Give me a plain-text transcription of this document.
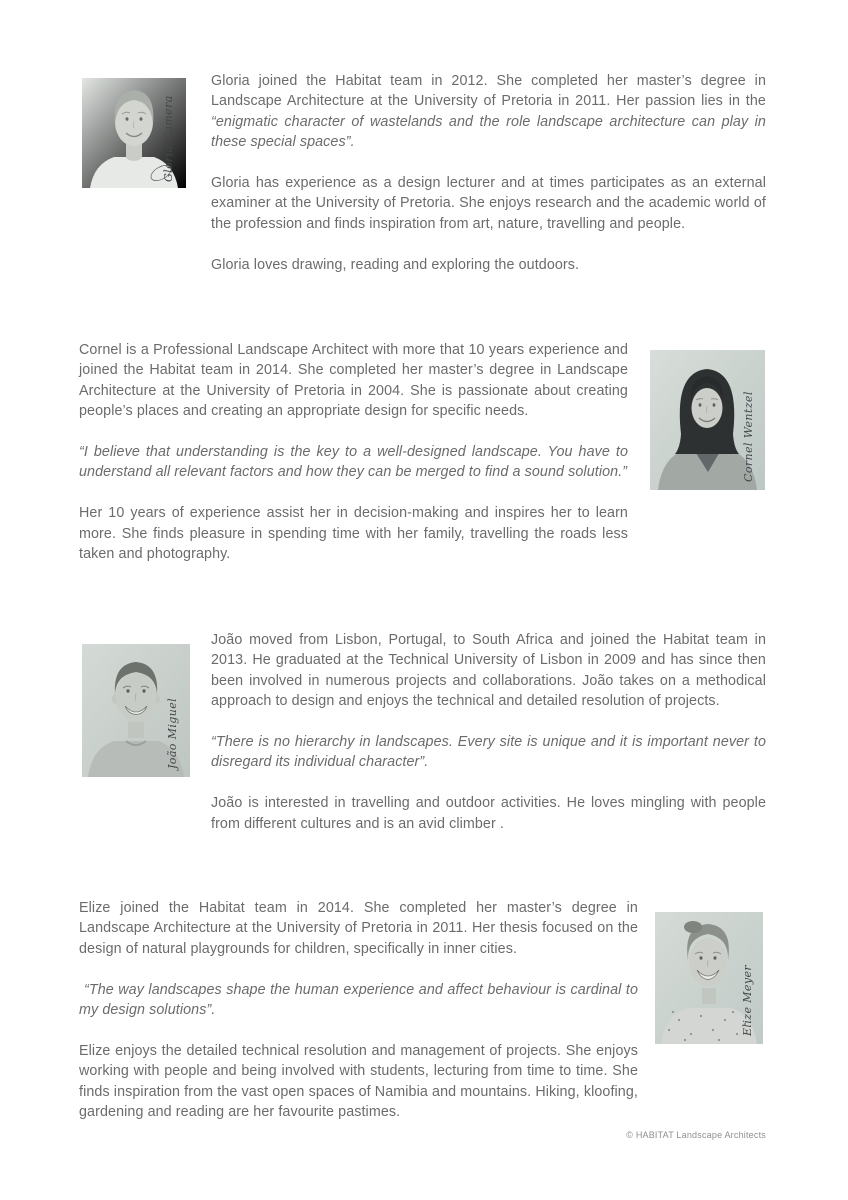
Gloria Camera

Gloria joined the Habitat team in 2012. She completed her master’s degree in Landscape Architecture at the University of Pretoria in 2011. Her passion lies in the “enigmatic character of wastelands and the role landscape architecture can play in these special spaces”.

Gloria has experience as a design lecturer and at times participates as an external examiner at the University of Pretoria. She enjoys research and the academic world of the profession and finds inspiration from art, nature, travelling and people.

Gloria loves drawing, reading and exploring the outdoors.

Cornel is a Professional Landscape Architect with more that 10 years experience and joined the Habitat team in 2014. She completed her master’s degree in Landscape Architecture at the University of Pretoria in 2004. She is passionate about creating people’s places and creating an appropriate design for specific needs.

“I believe that understanding is the key to a well-designed landscape. You have to understand all relevant factors and how they can be merged to find a sound solution.”

Her 10 years of experience assist her in decision-making and inspires her to learn more. She finds pleasure in spending time with her family, travelling the roads less taken and photography.

Cornel Wentzel
João Miguel

João moved from Lisbon, Portugal, to South Africa and joined the Habitat team in 2013. He graduated at the Technical University of Lisbon in 2009 and has since then been involved in numerous projects and collaborations. João takes on a methodical approach to design and enjoys the technical and detailed resolution of projects.

“There is no hierarchy in landscapes. Every site is unique and it is important never to disregard its individual character”.

João is interested in travelling and outdoor activities. He loves mingling with people from different cultures and is an avid climber .

Elize joined the Habitat team in 2014. She completed her master’s degree in Landscape Architecture at the University of Pretoria in 2011. Her thesis focused on the design of natural playgrounds for children, specifically in inner cities.

“The way landscapes shape the human experience and affect behaviour is cardinal to my design solutions”.

Elize enjoys the detailed technical resolution and management of projects. She enjoys working with people and being involved with students, lecturing from time to time. She finds inspiration from the vast open spaces of Namibia and mountains. Hiking, kloofing, gardening and reading are her favourite pastimes.

Elize Meyer
© HABITAT Landscape Architects
